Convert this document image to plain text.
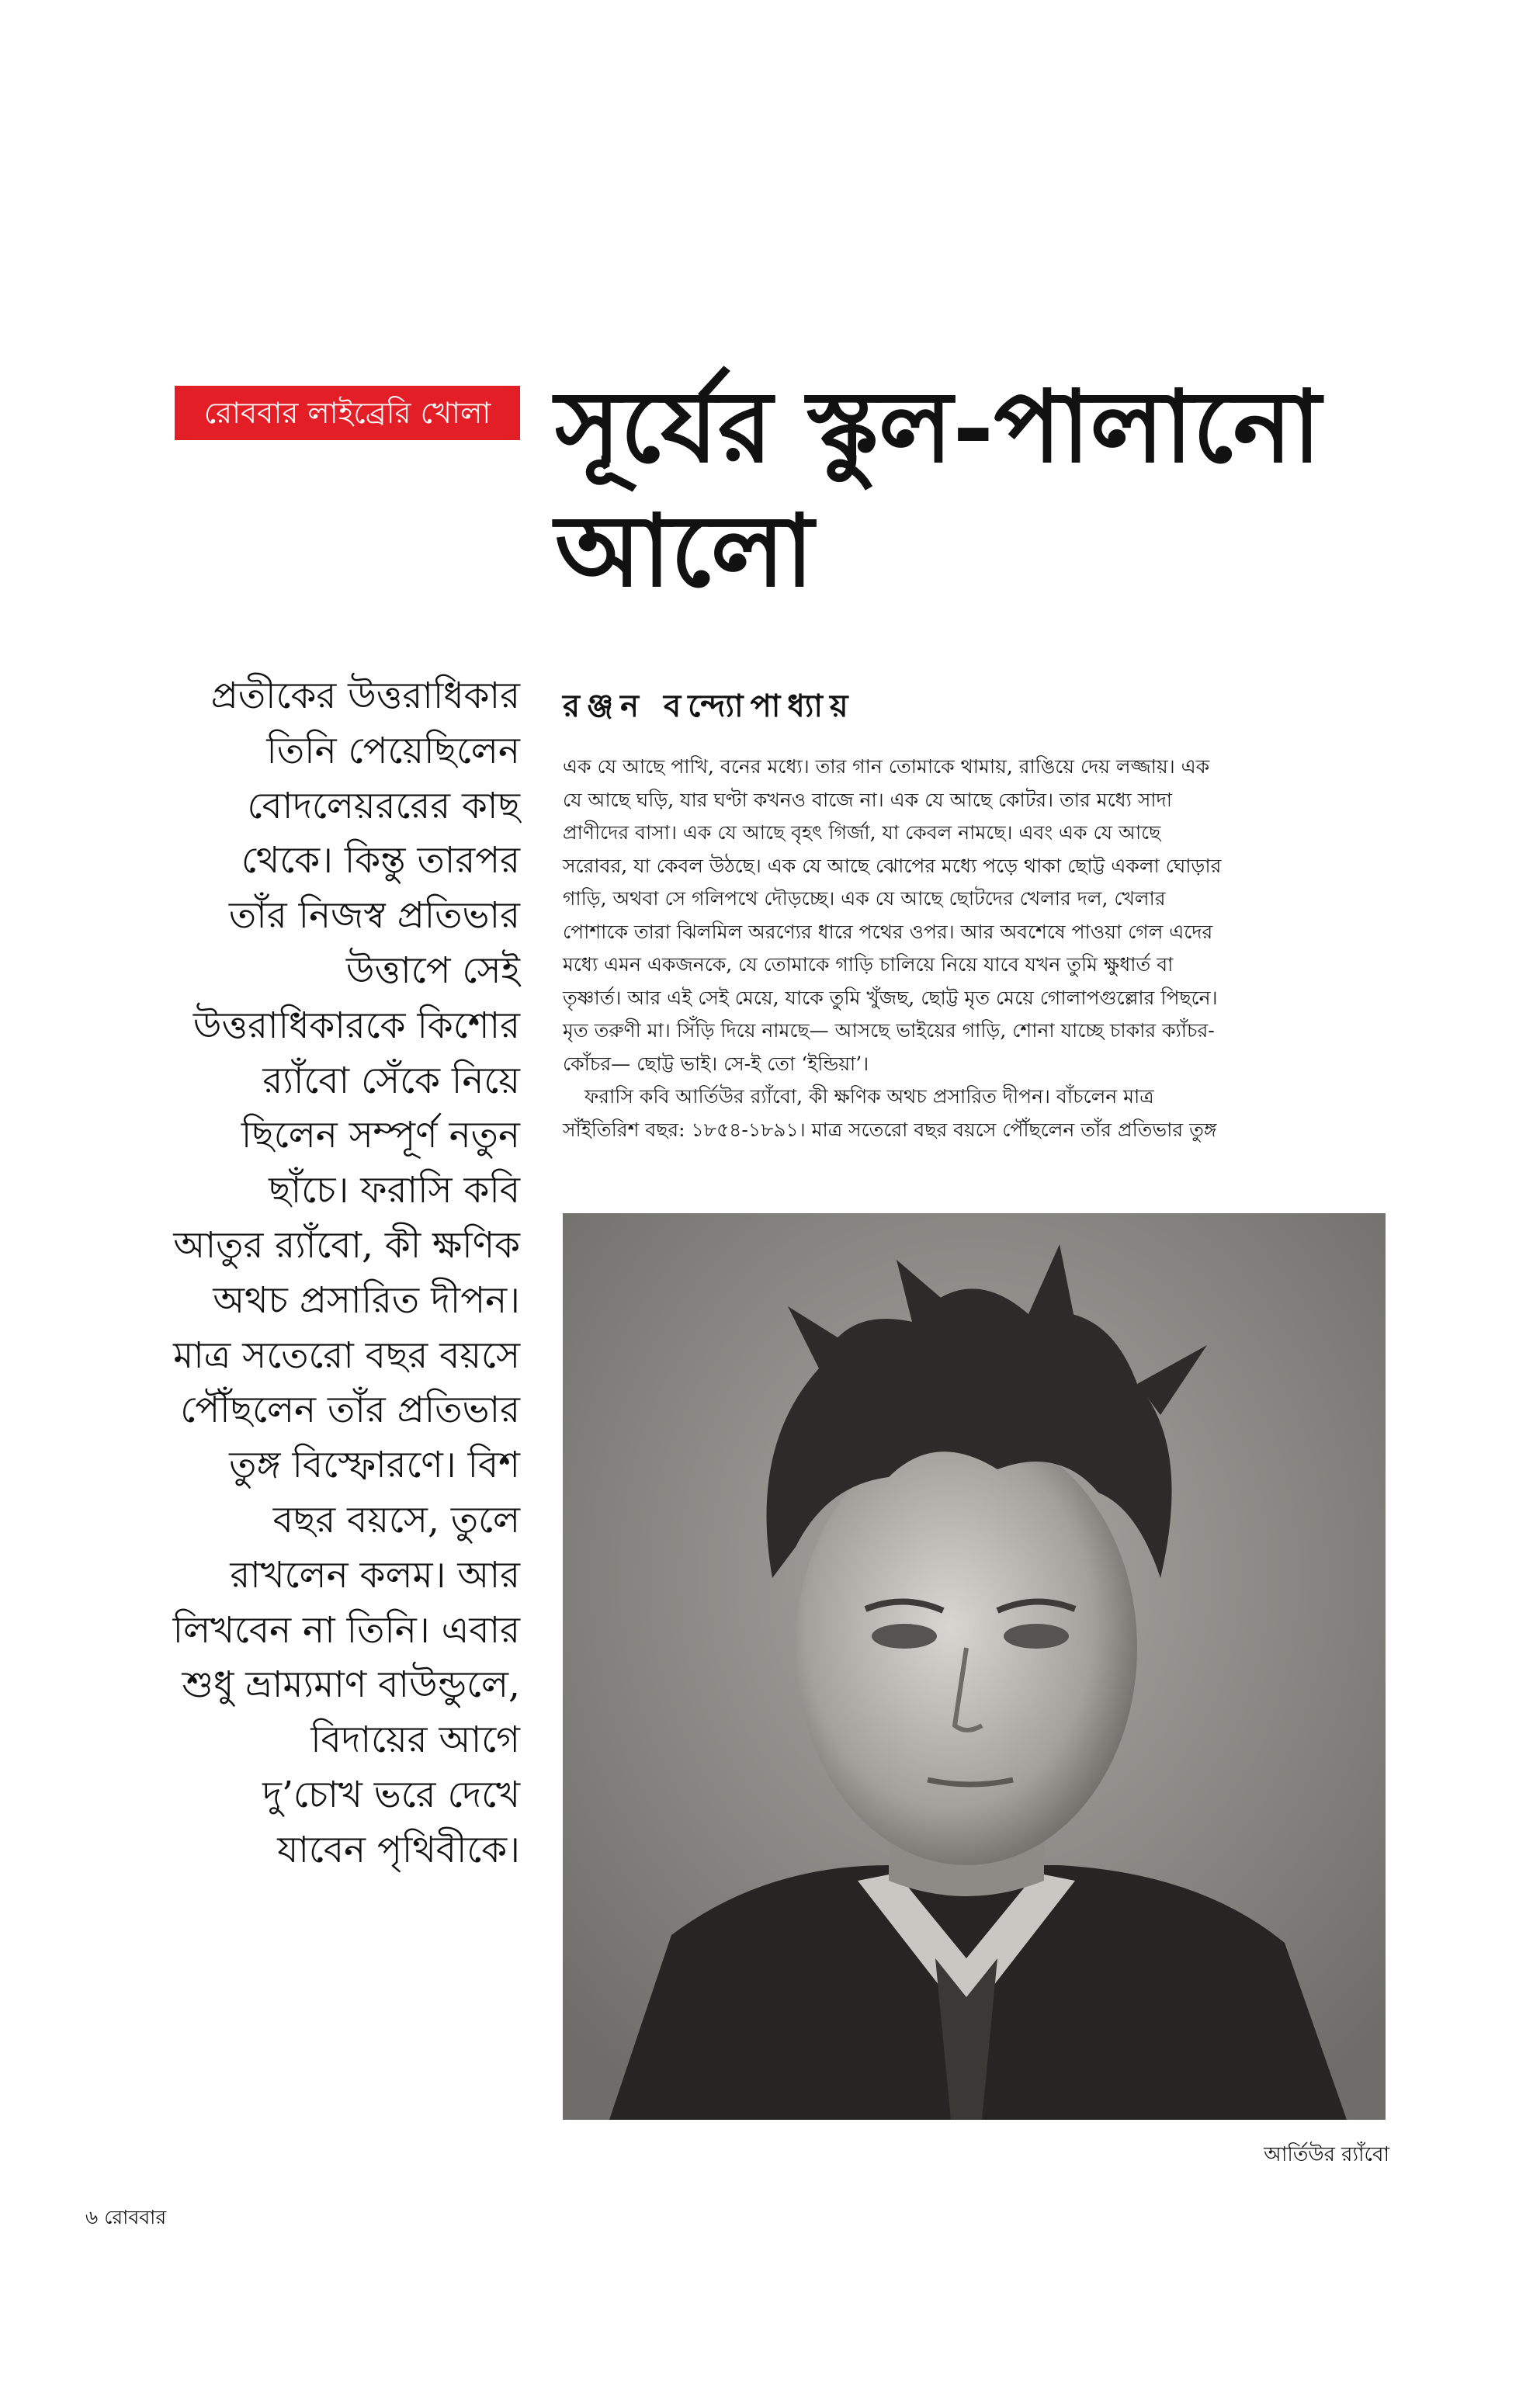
রোববার লাইব্রেরি খোলা সূর্যের স্কুল-পালানো
আলো
প্রতীকের উত্তরাধিকার
তিনি পেয়েছিলেন
বোদলেয়ররের কাছ
থেকে। কিন্তু তারপর
তাঁর নিজস্ব প্রতিভার
উত্তাপে সেই
উত্তরাধিকারকে কিশোর
র‍্যাঁবো সেঁকে নিয়ে
ছিলেন সম্পূর্ণ নতুন
ছাঁচে। ফরাসি কবি
আতুর র‍্যাঁবো, কী ক্ষণিক
অথচ প্রসারিত দীপন।
মাত্র সতেরো বছর বয়সে
পৌঁছলেন তাঁর প্রতিভার
তুঙ্গ বিস্ফোরণে। বিশ
বছর বয়সে, তুলে
রাখলেন কলম। আর
লিখবেন না তিনি। এবার
শুধু ভ্রাম্যমাণ বাউন্ডুলে,
বিদায়ের আগে
দু’চোখ ভরে দেখে
যাবেন পৃথিবীকে।
রঞ্জন বন্দ্যোপাধ্যায়
এক যে আছে পাখি, বনের মধ্যে। তার গান তোমাকে থামায়, রাঙিয়ে দেয় লজ্জায়। এক
যে আছে ঘড়ি, যার ঘণ্টা কখনও বাজে না। এক যে আছে কোটর। তার মধ্যে সাদা
প্রাণীদের বাসা। এক যে আছে বৃহৎ গির্জা, যা কেবল নামছে। এবং এক যে আছে
সরোবর, যা কেবল উঠছে। এক যে আছে ঝোপের মধ্যে পড়ে থাকা ছোট্ট একলা ঘোড়ার
গাড়ি, অথবা সে গলিপথে দৌড়চ্ছে। এক যে আছে ছোটদের খেলার দল, খেলার
পোশাকে তারা ঝিলমিল অরণ্যের ধারে পথের ওপর। আর অবশেষে পাওয়া গেল এদের
মধ্যে এমন একজনকে, যে তোমাকে গাড়ি চালিয়ে নিয়ে যাবে যখন তুমি ক্ষুধার্ত বা
তৃষ্ণার্ত। আর এই সেই মেয়ে, যাকে তুমি খুঁজছ, ছোট্ট মৃত মেয়ে গোলাপগুল্লোর পিছনে।
মৃত তরুণী মা। সিঁড়ি দিয়ে নামছে— আসছে ভাইয়ের গাড়ি, শোনা যাচ্ছে চাকার ক্যাঁচর-
কোঁচর— ছোট্ট ভাই। সে-ই তো ‘ইন্ডিয়া’।
ফরাসি কবি আর্তিউর র‍্যাঁবো, কী ক্ষণিক অথচ প্রসারিত দীপন। বাঁচলেন মাত্র
সাঁইতিরিশ বছর: ১৮৫৪-১৮৯১। মাত্র সতেরো বছর বয়সে পৌঁছলেন তাঁর প্রতিভার তুঙ্গ
আর্তিউর র‍্যাঁবো
৬ রোববার
